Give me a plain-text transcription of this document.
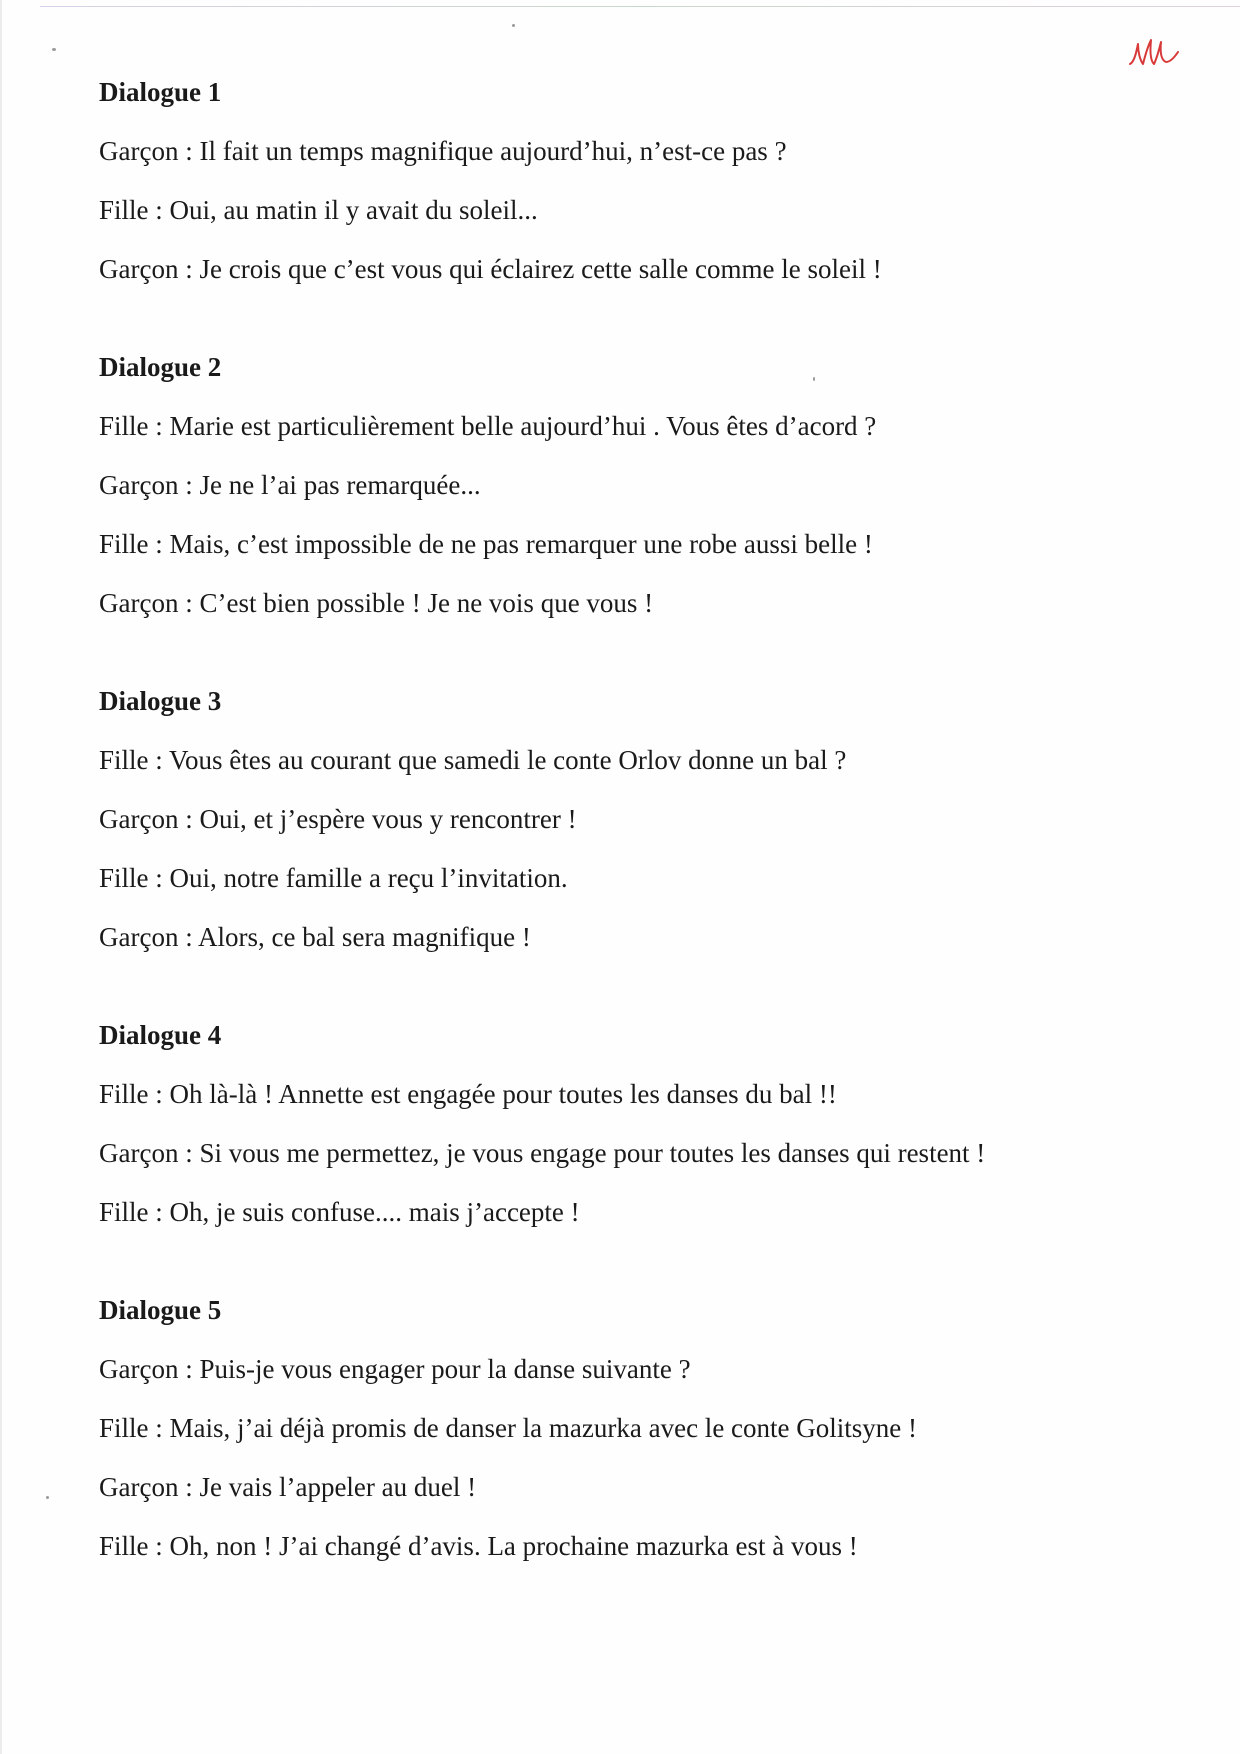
Dialogue 1
Garçon : Il fait un temps magnifique aujourd’hui, n’est-ce pas ?
Fille : Oui, au matin il y avait du soleil...
Garçon : Je crois que c’est vous qui éclairez cette salle comme le soleil !
Dialogue 2
Fille : Marie est particulièrement belle aujourd’hui . Vous êtes d’acord ?
Garçon : Je ne l’ai pas remarquée...
Fille : Mais, c’est impossible de ne pas remarquer une robe aussi belle !
Garçon : C’est bien possible ! Je ne vois que vous !
Dialogue 3
Fille : Vous êtes au courant que samedi le conte Orlov donne un bal ?
Garçon : Oui, et j’espère vous y rencontrer !
Fille : Oui, notre famille a reçu l’invitation.
Garçon : Alors, ce bal sera magnifique !
Dialogue 4
Fille : Oh là-là ! Annette est engagée pour toutes les danses du bal !!
Garçon : Si vous me permettez, je vous engage pour toutes les danses qui restent !
Fille : Oh, je suis confuse.... mais j’accepte !
Dialogue 5
Garçon : Puis-je vous engager pour la danse suivante ?
Fille : Mais, j’ai déjà promis de danser la mazurka avec le conte Golitsyne !
Garçon : Je vais l’appeler au duel !
Fille : Oh, non ! J’ai changé d’avis. La prochaine mazurka est à vous !
